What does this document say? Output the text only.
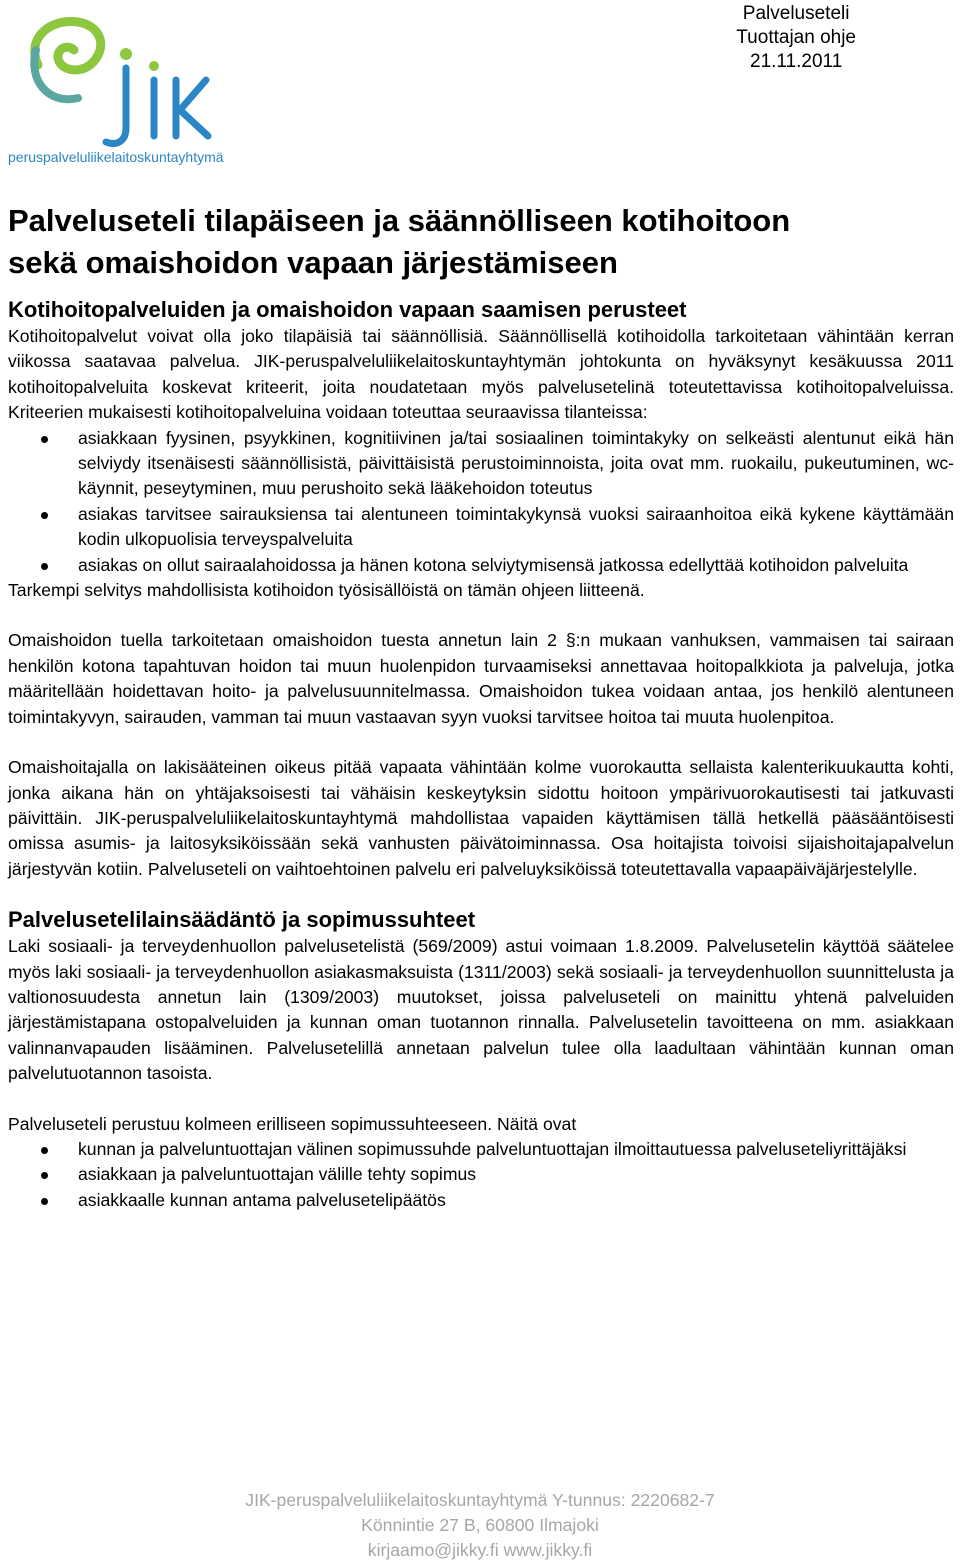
peruspalveluliikelaitoskuntayhtymä
Palveluseteli
Tuottajan ohje
21.11.2011
Palveluseteli tilapäiseen ja säännölliseen kotihoitoon
sekä omaishoidon vapaan järjestämiseen
Kotihoitopalveluiden ja omaishoidon vapaan saamisen perusteet

Kotihoitopalvelut voivat olla joko tilapäisiä tai säännöllisiä. Säännöllisellä kotihoidolla tarkoitetaan vähintään kerran viikossa saatavaa palvelua. JIK-peruspalveluliikelaitoskuntayhtymän johtokunta on hyväksynyt kesäkuussa 2011 kotihoitopalveluita koskevat kriteerit, joita noudatetaan myös palvelusetelinä toteutettavissa kotihoitopalveluissa. Kriteerien mukaisesti kotihoitopalveluina voidaan toteuttaa seuraavissa tilanteissa:

asiakkaan fyysinen, psyykkinen, kognitiivinen ja/tai sosiaalinen toimintakyky on selkeästi alentunut eikä hän selviydy itsenäisesti säännöllisistä, päivittäisistä perustoiminnoista, joita ovat mm. ruokailu, pukeutuminen, wc-käynnit, peseytyminen, muu perushoito sekä lääkehoidon toteutus
asiakas tarvitsee sairauksiensa tai alentuneen toimintakykynsä vuoksi sairaanhoitoa eikä kykene käyttämään kodin ulkopuolisia terveyspalveluita
asiakas on ollut sairaalahoidossa ja hänen kotona selviytymisensä jatkossa edellyttää kotihoidon palveluita

Tarkempi selvitys mahdollisista kotihoidon työsisällöistä on tämän ohjeen liitteenä.

Omaishoidon tuella tarkoitetaan omaishoidon tuesta annetun lain 2 §:n mukaan vanhuksen, vammaisen tai sairaan henkilön kotona tapahtuvan hoidon tai muun huolenpidon turvaamiseksi annettavaa hoitopalkkiota ja palveluja, jotka määritellään hoidettavan hoito- ja palvelusuunnitelmassa. Omaishoidon tukea voidaan antaa, jos henkilö alentuneen toimintakyvyn, sairauden, vamman tai muun vastaavan syyn vuoksi tarvitsee hoitoa tai muuta huolenpitoa.

Omaishoitajalla on lakisääteinen oikeus pitää vapaata vähintään kolme vuorokautta sellaista kalenterikuukautta kohti, jonka aikana hän on yhtäjaksoisesti tai vähäisin keskeytyksin sidottu hoitoon ympärivuorokautisesti tai jatkuvasti päivittäin. JIK-peruspalveluliikelaitoskuntayhtymä mahdollistaa vapaiden käyttämisen tällä hetkellä pääsääntöisesti omissa asumis- ja laitosyksiköissään sekä vanhusten päivätoiminnassa. Osa hoitajista toivoisi sijaishoitajapalvelun järjestyvän kotiin. Palveluseteli on vaihtoehtoinen palvelu eri palveluyksiköissä toteutettavalla vapaapäiväjärjestelylle.

Palvelusetelilainsäädäntö ja sopimussuhteet

Laki sosiaali- ja terveydenhuollon palvelusetelistä (569/2009) astui voimaan 1.8.2009. Palvelusetelin käyttöä säätelee myös laki sosiaali- ja terveydenhuollon asiakasmaksuista (1311/2003) sekä sosiaali- ja terveydenhuollon suunnittelusta ja valtionosuudesta annetun lain (1309/2003) muutokset, joissa palveluseteli on mainittu yhtenä palveluiden järjestämistapana ostopalveluiden ja kunnan oman tuotannon rinnalla. Palvelusetelin tavoitteena on mm. asiakkaan valinnanvapauden lisääminen. Palvelusetelillä annetaan palvelun tulee olla laadultaan vähintään kunnan oman palvelutuotannon tasoista.

Palveluseteli perustuu kolmeen erilliseen sopimussuhteeseen. Näitä ovat

kunnan ja palveluntuottajan välinen sopimussuhde palveluntuottajan ilmoittautuessa palveluseteliyrittäjäksi
asiakkaan ja palveluntuottajan välille tehty sopimus
asiakkaalle kunnan antama palvelusetelipäätös
JIK-peruspalveluliikelaitoskuntayhtymä Y-tunnus: 2220682-7
Könnintie 27 B, 60800 Ilmajoki
kirjaamo@jikky.fi www.jikky.fi
